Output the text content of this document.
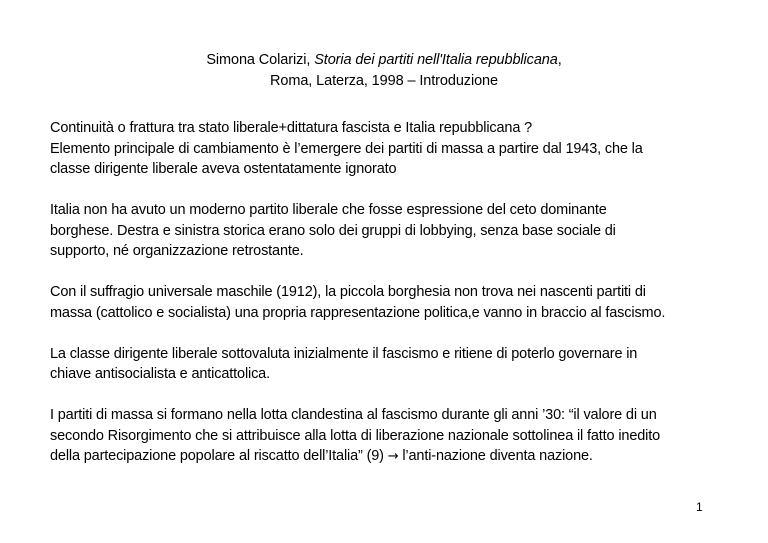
Simona Colarizi, Storia dei partiti nell'Italia repubblicana,
Roma, Laterza, 1998 – Introduzione
Continuità o frattura tra stato liberale+dittatura fascista e Italia repubblicana ?
Elemento principale di cambiamento è l’emergere dei partiti di massa a partire dal 1943, che la
classe dirigente liberale aveva ostentatamente ignorato
Italia non ha avuto un moderno partito liberale che fosse espressione del ceto dominante
borghese. Destra e sinistra storica erano solo dei gruppi di lobbying, senza base sociale di
supporto, né organizzazione retrostante.
Con il suffragio universale maschile (1912), la piccola borghesia non trova nei nascenti partiti di
massa (cattolico e socialista) una propria rappresentazione politica,e vanno in braccio al fascismo.
La classe dirigente liberale sottovaluta inizialmente il fascismo e ritiene di poterlo governare in
chiave antisocialista e anticattolica.
I partiti di massa si formano nella lotta clandestina al fascismo durante gli anni ’30: “il valore di un
secondo Risorgimento che si attribuisce alla lotta di liberazione nazionale sottolinea il fatto inedito
della partecipazione popolare al riscatto dell’Italia” (9) → l’anti-nazione diventa nazione.
1
